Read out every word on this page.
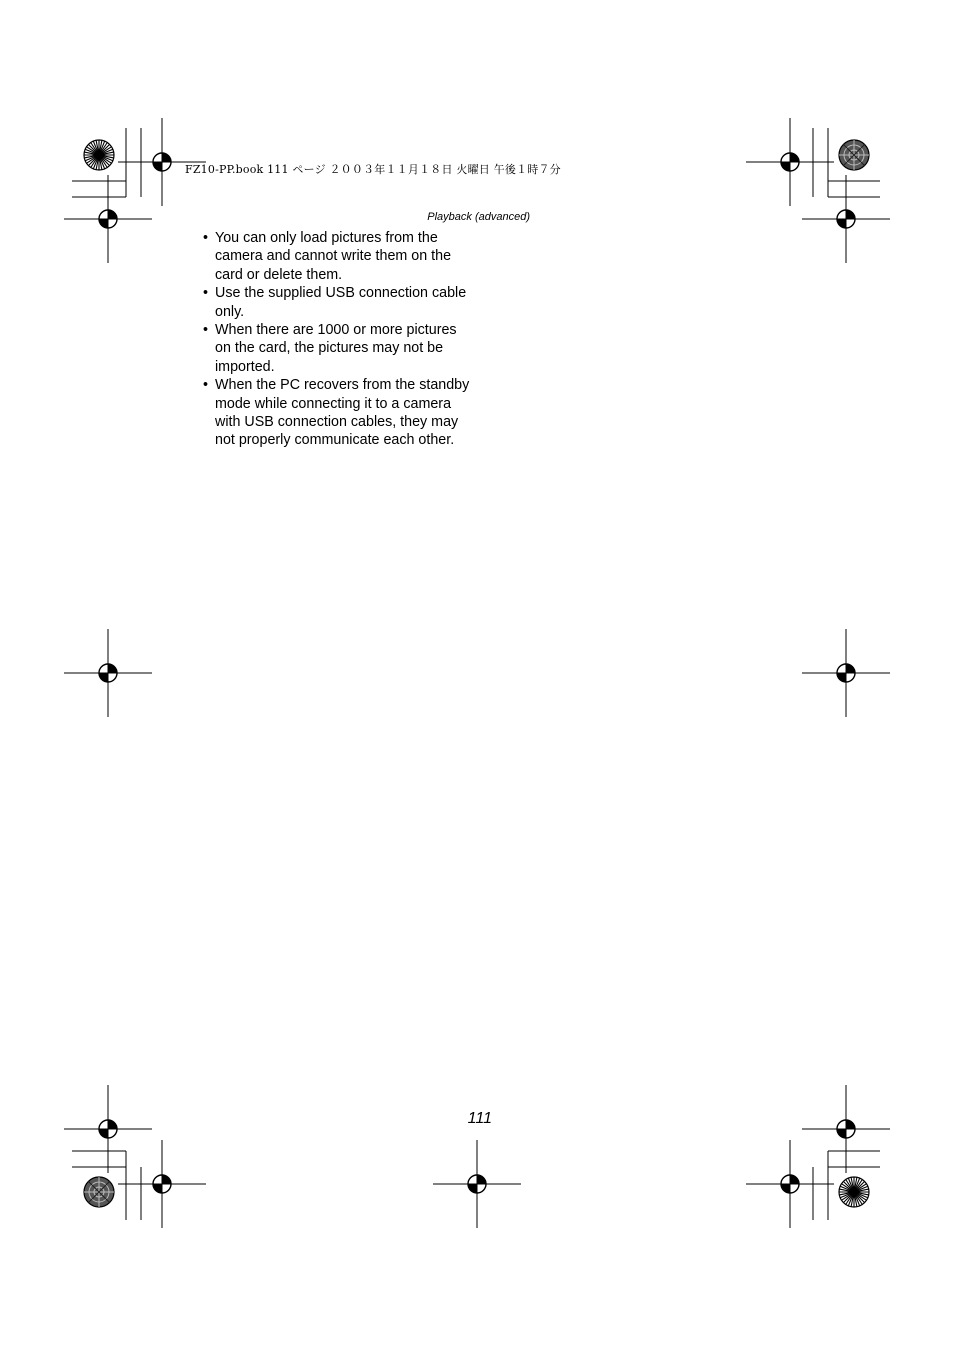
FZ10-PP.book 111 ページ ２００３年１１月１８日 火曜日 午後１時７分
Playback (advanced)
• You can only load pictures from the camera and cannot write them on the card or delete them.
• Use the supplied USB connection cable only.
• When there are 1000 or more pictures on the card, the pictures may not be imported.
• When the PC recovers from the standby mode while connecting it to a camera with USB connection cables, they may not properly communicate each other.
111
